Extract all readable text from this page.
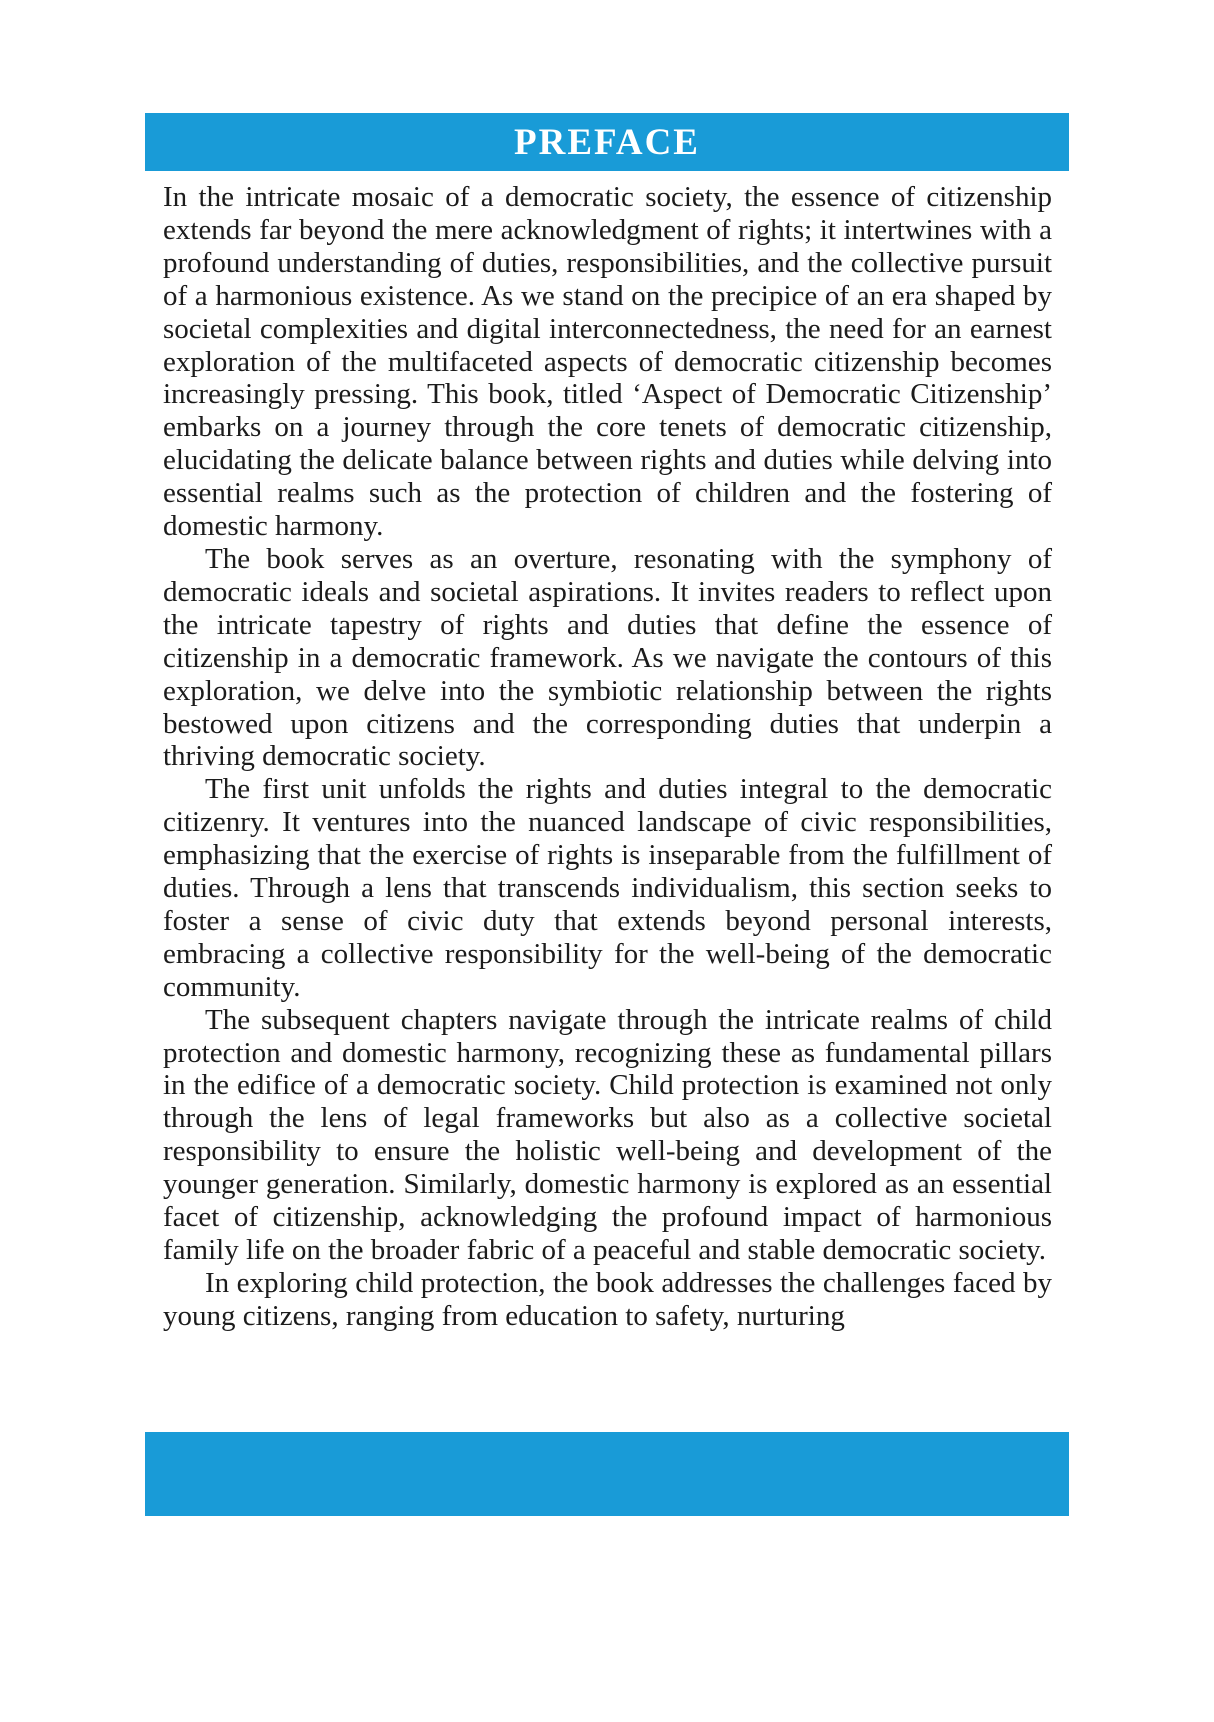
PREFACE

In the intricate mosaic of a democratic society, the essence of citizenship extends far beyond the mere acknowledgment of rights; it intertwines with a profound understanding of duties, responsibilities, and the collective pursuit of a harmonious existence. As we stand on the precipice of an era shaped by societal complexities and digital interconnectedness, the need for an earnest exploration of the multifaceted aspects of democratic citizenship becomes increasingly pressing. This book, titled ‘Aspect of Democratic Citizenship’ embarks on a journey through the core tenets of democratic citizenship, elucidating the delicate balance between rights and duties while delving into essential realms such as the protection of children and the fostering of domestic harmony.

The book serves as an overture, resonating with the symphony of democratic ideals and societal aspirations. It invites readers to reflect upon the intricate tapestry of rights and duties that define the essence of citizenship in a democratic framework. As we navigate the contours of this exploration, we delve into the symbiotic relationship between the rights bestowed upon citizens and the corresponding duties that underpin a thriving democratic society.

The first unit unfolds the rights and duties integral to the democratic citizenry. It ventures into the nuanced landscape of civic responsibilities, emphasizing that the exercise of rights is inseparable from the fulfillment of duties. Through a lens that transcends individualism, this section seeks to foster a sense of civic duty that extends beyond personal interests, embracing a collective responsibility for the well-being of the democratic community.

The subsequent chapters navigate through the intricate realms of child protection and domestic harmony, recognizing these as fundamental pillars in the edifice of a democratic society. Child protection is examined not only through the lens of legal frameworks but also as a collective societal responsibility to ensure the holistic well-being and development of the younger generation. Similarly, domestic harmony is explored as an essential facet of citizenship, acknowledging the profound impact of harmonious family life on the broader fabric of a peaceful and stable democratic society.

In exploring child protection, the book addresses the challenges faced by young citizens, ranging from education to safety, nurturing
